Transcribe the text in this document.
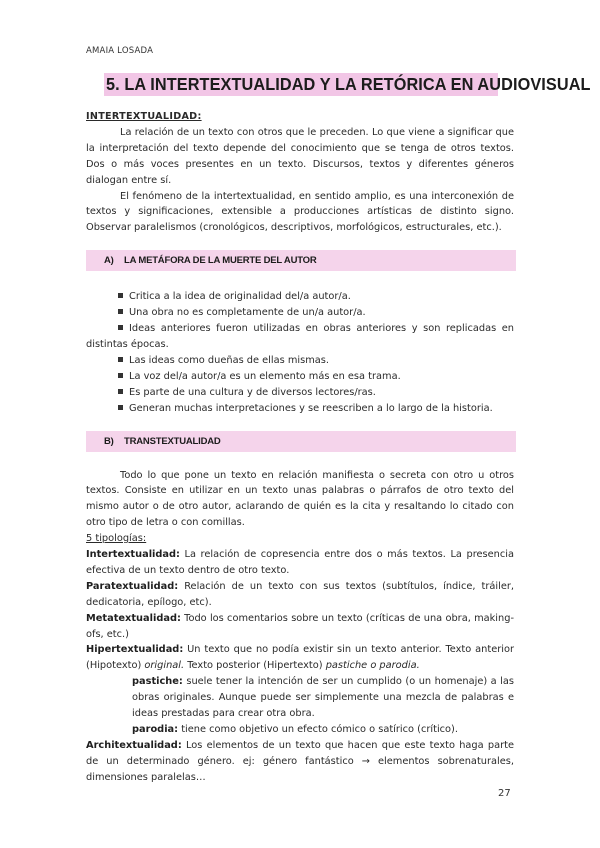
AMAIA LOSADA
5. LA INTERTEXTUALIDAD Y LA RETÓRICA EN AUDIOVISUAL

INTERTEXTUALIDAD:

La relación de un texto con otros que le preceden. Lo que viene a significar que la interpretación del texto depende del conocimiento que se tenga de otros textos. Dos o más voces presentes en un texto. Discursos, textos y diferentes géneros dialogan entre sí.

El fenómeno de la intertextualidad, en sentido amplio, es una interconexión de textos y significaciones, extensible a producciones artísticas de distinto signo. Observar paralelismos (cronológicos, descriptivos, morfológicos, estructurales, etc.).

A) LA METÁFORA DE LA MUERTE DEL AUTOR

Critica a la idea de originalidad del/a autor/a.

Una obra no es completamente de un/a autor/a.

Ideas anteriores fueron utilizadas en obras anteriores y son replicadas en distintas épocas.

Las ideas como dueñas de ellas mismas.

La voz del/a autor/a es un elemento más en esa trama.

Es parte de una cultura y de diversos lectores/ras.

Generan muchas interpretaciones y se reescriben a lo largo de la historia.

B) TRANSTEXTUALIDAD

Todo lo que pone un texto en relación manifiesta o secreta con otro u otros textos. Consiste en utilizar en un texto unas palabras o párrafos de otro texto del mismo autor o de otro autor, aclarando de quién es la cita y resaltando lo citado con otro tipo de letra o con comillas.

5 tipologías:

Intertextualidad: La relación de copresencia entre dos o más textos. La presencia efectiva de un texto dentro de otro texto.

Paratextualidad: Relación de un texto con sus textos (subtítulos, índice, tráiler, dedicatoria, epílogo, etc).

Metatextualidad: Todo los comentarios sobre un texto (críticas de una obra, making-ofs, etc.)

Hipertextualidad: Un texto que no podía existir sin un texto anterior. Texto anterior (Hipotexto) original. Texto posterior (Hipertexto) pastiche o parodia.

pastiche: suele tener la intención de ser un cumplido (o un homenaje) a las obras originales. Aunque puede ser simplemente una mezcla de palabras e ideas prestadas para crear otra obra.

parodia: tiene como objetivo un efecto cómico o satírico (crítico).

Architextualidad: Los elementos de un texto que hacen que este texto haga parte de un determinado género. ej: género fantástico → elementos sobrenaturales, dimensiones paralelas…

27
